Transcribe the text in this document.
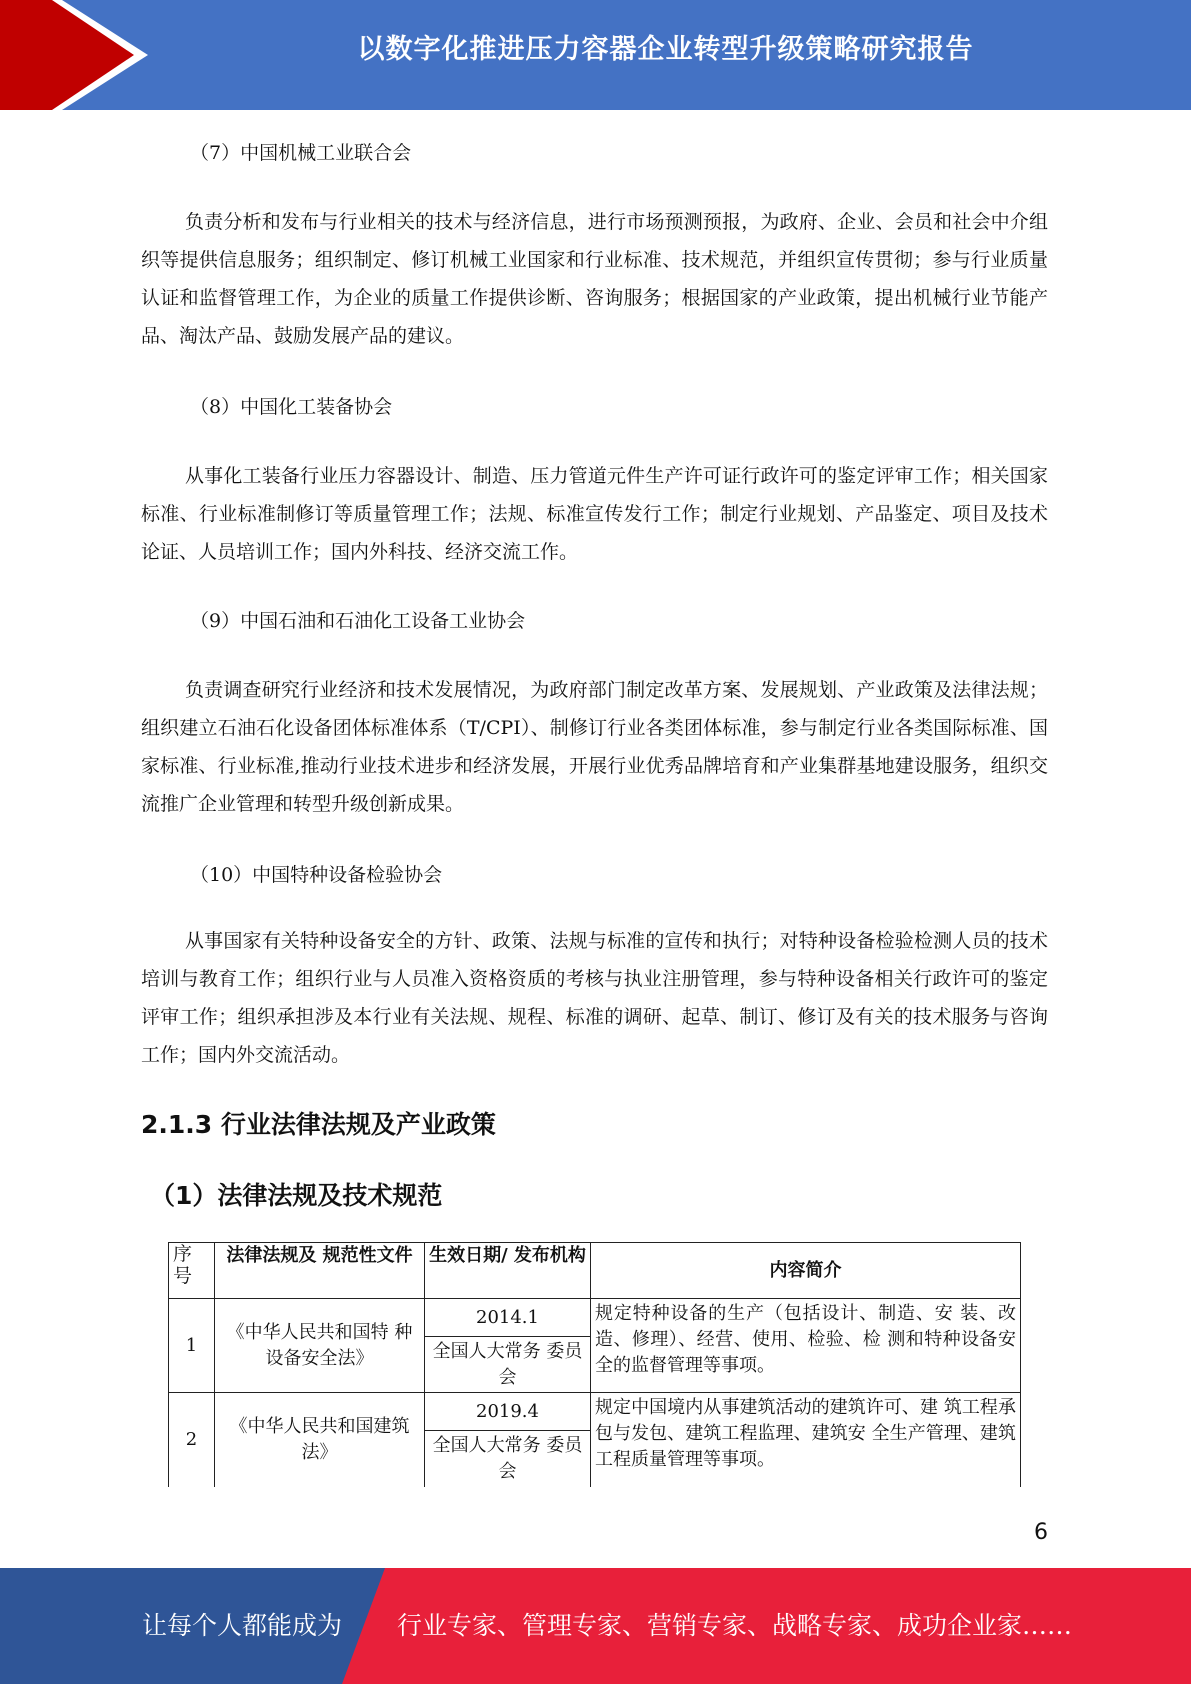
以数字化推进压力容器企业转型升级策略研究报告
（7）中国机械工业联合会
负责分析和发布与行业相关的技术与经济信息，进行市场预测预报，为政府、企业、会员和社会中介组织等提供信息服务；组织制定、修订机械工业国家和行业标准、技术规范，并组织宣传贯彻；参与行业质量认证和监督管理工作，为企业的质量工作提供诊断、咨询服务；根据国家的产业政策，提出机械行业节能产品、淘汰产品、鼓励发展产品的建议。
（8）中国化工装备协会
从事化工装备行业压力容器设计、制造、压力管道元件生产许可证行政许可的鉴定评审工作；相关国家标准、行业标准制修订等质量管理工作；法规、标准宣传发行工作；制定行业规划、产品鉴定、项目及技术论证、人员培训工作；国内外科技、经济交流工作。
（9）中国石油和石油化工设备工业协会
负责调查研究行业经济和技术发展情况，为政府部门制定改革方案、发展规划、产业政策及法律法规；组织建立石油石化设备团体标准体系（T/CPI）、制修订行业各类团体标准，参与制定行业各类国际标准、国家标准、行业标准,推动行业技术进步和经济发展，开展行业优秀品牌培育和产业集群基地建设服务，组织交流推广企业管理和转型升级创新成果。
（10）中国特种设备检验协会
从事国家有关特种设备安全的方针、政策、法规与标准的宣传和执行；对特种设备检验检测人员的技术培训与教育工作；组织行业与人员准入资格资质的考核与执业注册管理，参与特种设备相关行政许可的鉴定评审工作；组织承担涉及本行业有关法规、规程、标准的调研、起草、制订、修订及有关的技术服务与咨询工作；国内外交流活动。
2.1.3 行业法律法规及产业政策
（1）法律法规及技术规范
序号	法律法规及 规范性文件	生效日期/ 发布机构	内容简介
1	《中华人民共和国特 种设备安全法》	2014.1	规定特种设备的生产（包括设计、制造、安 装、改造、修理）、经营、使用、检验、检 测和特种设备安全的监督管理等事项。
		全国人大常务 委员会	
2	《中华人民共和国建筑法》	2019.4	规定中国境内从事建筑活动的建筑许可、建 筑工程承包与发包、建筑工程监理、建筑安 全生产管理、建筑工程质量管理等事项。
		全国人大常务 委员会	
6
让每个人都能成为 行业专家、管理专家、营销专家、战略专家、成功企业家……
